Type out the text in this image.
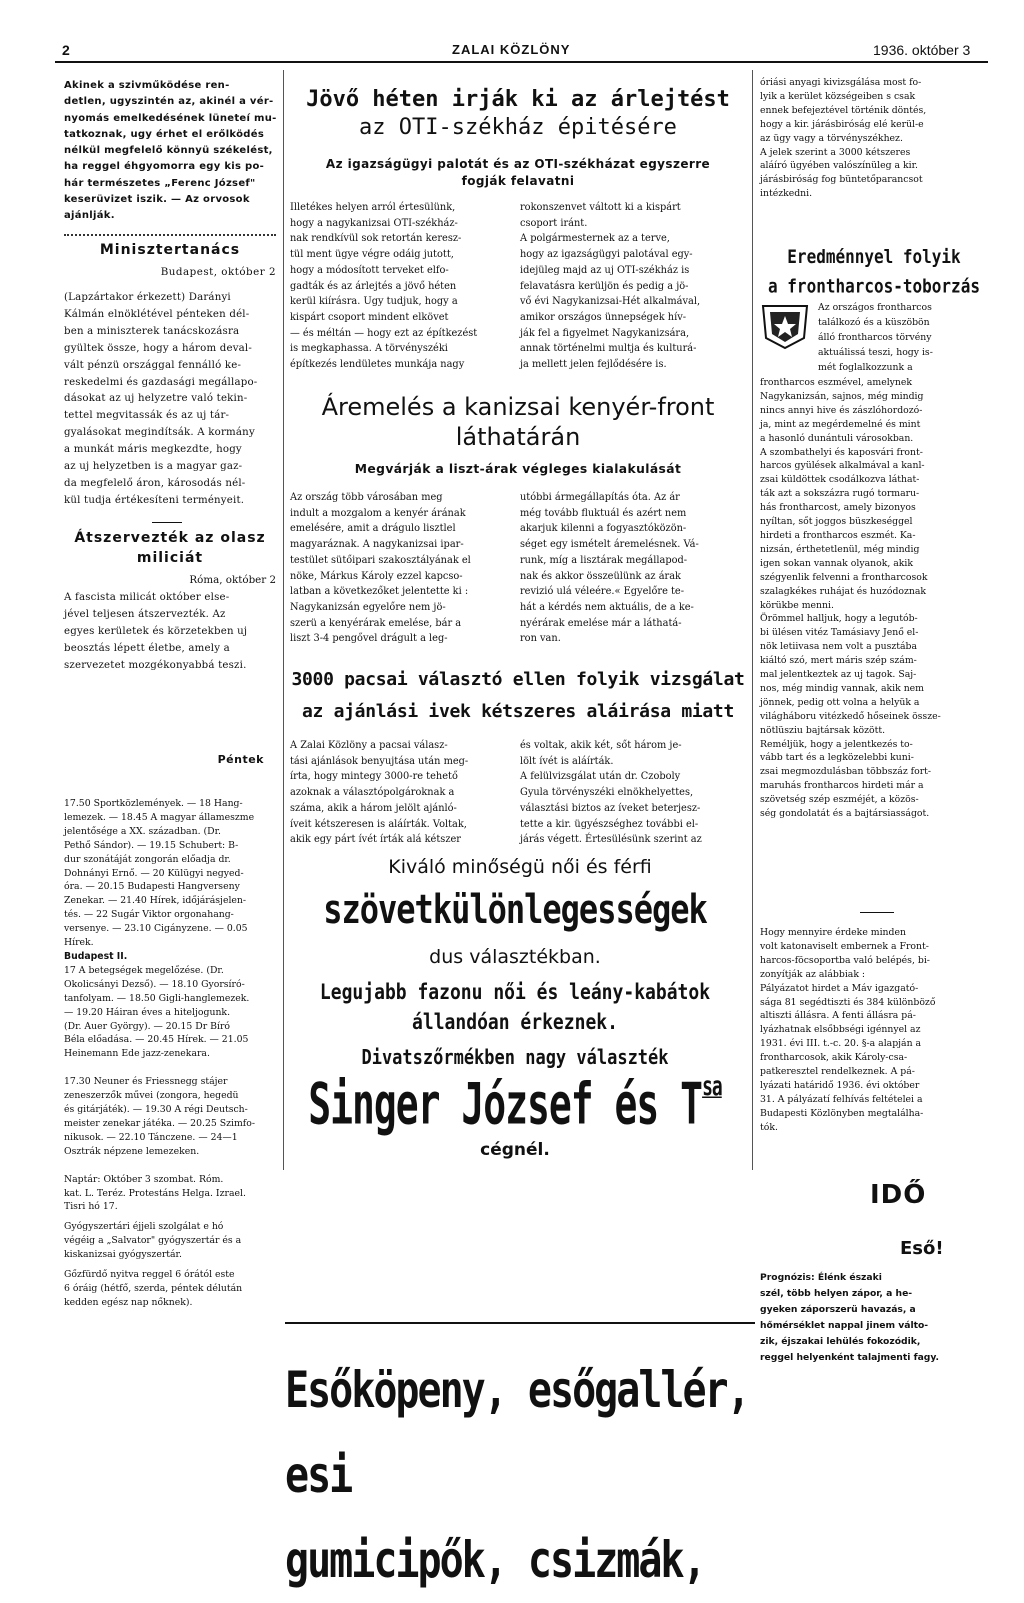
2	ZALAI KÖZLÖNY	1936. október 3
Akinek a szivműködése ren-
detlen, ugyszintén az, akinél a vér-
nyomás emelkedésének lüneteí mu-
tatkoznak, ugy érhet el erőlködés
nélkül megfelelő könnyü székelést,
ha reggel éhgyomorra egy kis po-
hár természetes „Ferenc József"
keserüvizet iszik. — Az orvosok
ajánlják.
Minisztertanács
Budapest, október 2
(Lapzártakor érkezett) Darányi
Kálmán elnöklétével pénteken dél-
ben a miniszterek tanácskozásra
gyültek össze, hogy a három deval-
vált pénzü országgal fennálló ke-
reskedelmi és gazdasági megállapo-
dásokat az uj helyzetre való tekin-
tettel megvitassák és az uj tár-
gyalásokat megindítsák. A kormány
a munkát máris megkezdte, hogy
az uj helyzetben is a magyar gaz-
da megfelelő áron, károsodás nél-
kül tudja értékesíteni terményeit.
Átszervezték az olasz
miliciát
Róma, október 2
A fascista milicát október else-
jével teljesen átszervezték. Az
egyes kerületek és körzetekben uj
beosztás lépett életbe, amely a
szervezetet mozgékonyabbá teszi.
Péntek
17.50 Sportközlemények. — 18 Hang-
lemezek. — 18.45 A magyar állameszme
jelentősége a XX. században. (Dr.
Pethő Sándor). — 19.15 Schubert: B-
dur szonátáját zongorán előadja dr.
Dohnányi Ernő. — 20 Külügyi negyed-
óra. — 20.15 Budapesti Hangverseny
Zenekar. — 21.40 Hírek, időjárásjelen-
tés. — 22 Sugár Viktor orgonahang-
versenye. — 23.10 Cigányzene. — 0.05
Hírek.
Budapest II.
17 A betegségek megelőzése. (Dr.
Okolicsányi Dezső). — 18.10 Gyorsíró-
tanfolyam. — 18.50 Gigli-hanglemezek.
— 19.20 Háiran éves a hiteljogunk.
(Dr. Auer György). — 20.15 Dr Bíró
Béla előadása. — 20.45 Hírek. — 21.05
Heinemann Ede jazz-zenekara.
17.30 Neuner és Friessnegg stájer
zeneszerzők művei (zongora, hegedü
és gitárjáték). — 19.30 A régi Deutsch-
meister zenekar játéka. — 20.25 Szimfo-
nikusok. — 22.10 Tánczene. — 24—1
Osztrák népzene lemezeken.
Naptár: Október 3 szombat. Róm.
kat. L. Teréz. Protestáns Helga. Izrael.
Tisri hó 17.
Gyógyszertári éjjeli szolgálat e hó
végéig a „Salvator" gyógyszertár és a
kiskanizsai gyógyszertár.
Gőzfürdő nyitva reggel 6 órától este
6 óráig (hétfő, szerda, péntek délután
kedden egész nap nőknek).
Jövő héten irják ki az árlejtést
az OTI-székház épitésére
Az igazságügyi palotát és az OTI-székházat egyszerre
fogják felavatni
Illetékes helyen arról értesülünk,
hogy a nagykanizsai OTI-székház-
nak rendkívül sok retortán keresz-
tül ment ügye végre odáig jutott,
hogy a módosított terveket elfo-
gadták és az árlejtés a jövő héten
kerül kiírásra. Ugy tudjuk, hogy a
kispárt csoport mindent elkövet
— és méltán — hogy ezt az építkezést
is megkaphassa. A törvényszéki
építkezés lendületes munkája nagy
rokonszenvet váltott ki a kispárt
csoport iránt.
A polgármesternek az a terve,
hogy az igazságügyi palotával egy-
idejüleg majd az uj OTI-székház is
felavatásra kerüljön és pedig a jö-
vő évi Nagykanizsai-Hét alkalmával,
amikor országos ünnepségek hív-
ják fel a figyelmet Nagykanizsára,
annak történelmi multja és kulturá-
ja mellett jelen fejlődésére is.
Áremelés a kanizsai kenyér-front
láthatárán
Megvárják a liszt-árak végleges kialakulását
Az ország több városában meg
indult a mozgalom a kenyér árának
emelésére, amit a drágulo lisztlel
magyaráznak. A nagykanizsai ipar-
testület sütőipari szakosztályának el
nöke, Márkus Károly ezzel kapcso-
latban a következőket jelentette ki :
Nagykanizsán egyelőre nem jö-
szerü a kenyérárak emelése, bár a
liszt 3-4 pengővel drágult a leg-
utóbbi ármegállapítás óta. Az ár
még tovább fluktuál és azért nem
akarjuk kilenni a fogyasztóközön-
séget egy ismételt áremelésnek. Vá-
runk, míg a lisztárak megállapod-
nak és akkor összeülünk az árak
revizió ulá véleére.« Egyelőre te-
hát a kérdés nem aktuális, de a ke-
nyérárak emelése már a láthatá-
ron van.
3000 pacsai választó ellen folyik vizsgálat
az ajánlási ivek kétszeres aláirása miatt
A Zalai Közlöny a pacsai válasz-
tási ajánlások benyujtása után meg-
írta, hogy mintegy 3000-re tehető
azoknak a választópolgároknak a
száma, akik a három jelölt ajánló-
íveit kétszeresen is aláírták. Voltak,
akik egy párt ívét írták alá kétszer
és voltak, akik két, sőt három je-
lölt ívét is aláírták.
A felülvizsgálat után dr. Czoboly
Gyula törvényszéki elnökhelyettes,
választási biztos az íveket beterjesz-
tette a kir. ügyészséghez további el-
járás végett. Értesülésünk szerint az
Kiváló minőségü női és férfi
szövetkülönlegességek
dus választékban.
Legujabb fazonu női és leány-kabátok
állandóan érkeznek.
Divatszőrmékben nagy választék
Singer József és $T^{sa}$
cégnél.
óriási anyagi kivizsgálása most fo-
lyik a kerület községeiben s csak
ennek befejeztével történik döntés,
hogy a kir. járásbiróság elé kerül-e
az ügy vagy a törvényszékhez.
A jelek szerint a 3000 kétszeres
aláíró ügyében valószínüleg a kir.
járásbiróság fog büntetőparancsot
intézkedni.
Eredménnyel folyik
a frontharcos-toborzás
Az országos frontharcos
találkozó és a küszöbön
álló frontharcos törvény
aktuálissá teszi, hogy is-
mét foglalkozzunk a
frontharcos eszmével, amelynek
Nagykanizsán, sajnos, még mindig
nincs annyi hive és zászlóhordozó-
ja, mint az megérdemelné és mint
a hasonló dunántuli városokban.
A szombathelyi és kaposvári front-
harcos gyülések alkalmával a kanl-
zsai küldöttek csodálkozva láthat-
ták azt a sokszázra rugó tormaru-
hás frontharcost, amely bizonyos
nyíltan, sőt joggos büszkeséggel
hirdeti a frontharcos eszmét. Ka-
nizsán, érthetetlenül, még mindig
igen sokan vannak olyanok, akik
szégyenlik felvenni a frontharcosok
szalagkékes ruhájat és huzódoznak
körükbe menni.
Örömmel halljuk, hogy a legutób-
bi ülésen vitéz Tamásiavy Jenő el-
nök letiivasa nem volt a pusztába
kiáltó szó, mert máris szép szám-
mal jelentkeztek az uj tagok. Saj-
nos, még mindig vannak, akik nem
jönnek, pedig ott volna a helyük a
világháboru vitézkedő hőseinek össze-
nötlüsziu bajtársak között.
Reméljük, hogy a jelentkezés to-
vább tart és a legközelebbi kuni-
zsai megmozdulásban többszáz fort-
maruhás frontharcos hirdeti már a
szövetség szép eszméjét, a közös-
ség gondolatát és a bajtársiasságot.
Hogy mennyire érdeke minden
volt katonaviselt embernek a Front-
harcos-föcsoportba való belépés, bi-
zonyítják az alábbiak :
Pályázatot hirdet a Máv igazgató-
sága 81 segédtiszti és 384 különböző
altiszti állásra. A fenti állásra pá-
lyázhatnak elsőbbségi igénnyel az
1931. évi III. t.-c. 20. §-a alapján a
frontharcosok, akik Károly-csa-
patkeresztel rendelkeznek. A pá-
lyázati határidő 1936. évi október
31. A pályázatí felhívás feltételei a
Budapesti Közlönyben megtalálha-
tók.
IDŐ
Eső!
Prognózis: Élénk északi
szél, több helyen zápor, a he-
gyeken záporszerü havazás, a
hőmérséklet nappal jinem válto-
zik, éjszakai lehülés fokozódik,
reggel helyenként talajmenti fagy.
Esőköpeny, esőgallér, esi
gumicipők, csizmák,
